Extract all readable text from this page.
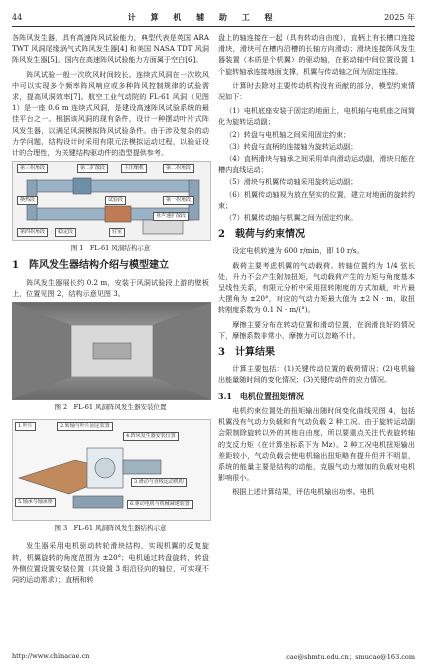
44	计 算 机 辅 助 工 程	2025 年

各阵风发生器，具有高速阵风试验能力，典型代表是英国 ARA TWT 风洞尾缘涡气式阵风发生器[4] 和美国 NASA TDT 风洞阵风发生器[5]。国内在高速阵风试验能力方面属于空白[6]。

阵风试验一般一次吹风时间较长。连续式风洞在一次吹风中可以实现多个频率阵风响应或多种阵风控制规律的试验需求，提高风洞效率[7]。航空工业气动院的 FL-61 风洞（见图 1）是一座 0.6 m 连续式风洞，是建设高速阵风试验系统的最佳平台之一。根据该风洞的现有条件，设计一种摆动叶片式阵风发生器，以满足风洞模拟阵风试验条件。由于涉及复杂的动力学问题，结构设计时采用有限元法模拟运动过程，以验证设计的合理性，为关键结构驱动件的造型提供参考。

第三拐角段	第二扩散段	主压缩机	第二拐角段
换热段	第一拐角段
第四拐角段	稳定段
试验段
亚声速扩散段
驻室
图 1　FL-61 风洞结构示意
1　阵风发生器结构介绍与模型建立

阵风发生器展长约 0.2 m，安装于风洞试验段上游的壁板上，位置见图 2，结构示意见图 3。

图 2　FL-61 风洞阵风发生器安装位置
1.叶片	2.转轴与叶片固定装置
4.阵风发生器安装位置
3.滑动与直线运动机构
5.轴承与轴承座	6.驱动电机与机械减速装置
图 3　FL-61 风洞阵风发生器结构示意

发生器采用电机驱动转轮滑块结构，实现机翼的反复旋转，机翼旋转的角度范围为 ±20°；电机通过转盘旋转，转盘外侧位置设置安装位置（共设置 3 组沿径向的轴位，可实现不同的运动需求）；直柄和转

盘上的轴连接在一起（具有转动自由度），直柄上有长槽口连接滑块，滑块可在槽内沿槽的长轴方向滑动；滑块连接阵风发生器装置（本质是个机翼）的驱动轴，在驱动轴中间位置设置 1 个旋转轴承连接地面支撑，机翼与传动轴之间为固定连接。

计算时去除对主要传动机构没有贡献的部分，模型约束情况如下：

（1）电机底座安装于固定的地面上，电机轴与电机座之间简化为旋转运动副；

（2）转盘与电机轴之间采用固定约束；

（3）转盘与直柄的连接轴为旋转运动副；

（4）直柄滑块与轴承之间采用单向滑动运动副，滑块只能在槽内直线运动；

（5）滑块与机翼传动轴采用旋转运动副；

（6）机翼传动轴视为放在坚实的位置，建立对地面的旋转约束；

（7）机翼传动轴与机翼之间为固定约束。

2　载荷与约束情况

设定电机转速为 600 r/min，即 10 r/s。

载荷主要考虑机翼的气动载荷。转轴位置约为 1/4 弦长处，升力不会产生附加扭矩，气动载荷产生的力矩与角度基本呈线性关系，有限元分析中采用扭转刚度的方式加载，叶片最大摆角为 ±20°，对应的气动力矩最大值为 ±2 N · m，取扭转刚度系数为 0.1 N · m/(°)。

摩擦主要分布在转动位置和滑动位置，在润滑良好的情况下，摩擦系数非常小，摩擦力可以忽略不计。

3　计算结果

计算主要包括：(1)关键传动位置的载荷情况；(2)电机输出能量随时间的变化情况；(3)关键传动件的应力情况。

3.1　电机位置扭矩情况

电机约束位置处的扭矩输出随时间变化曲线见图 4，包括机翼没有气动力负载和有气动负载 2 种工况。由于旋转运动副会限制除旋转以外的其他自由度，所以要重点关注代表旋转轴的支反力矩（在计算坐标系下为 Mz）。2 种工况电机扭矩输出差距较小，气动负载会使电机输出扭矩略有提升但并不明显，系统的能量主要是结构的动能，克服气动力增加的负载对电机影响很小。

根据上述计算结果，评估电机输出功率。电机

http://www.chinacae.cn	cae@shmtu.edu.cn；smucae@163.com
